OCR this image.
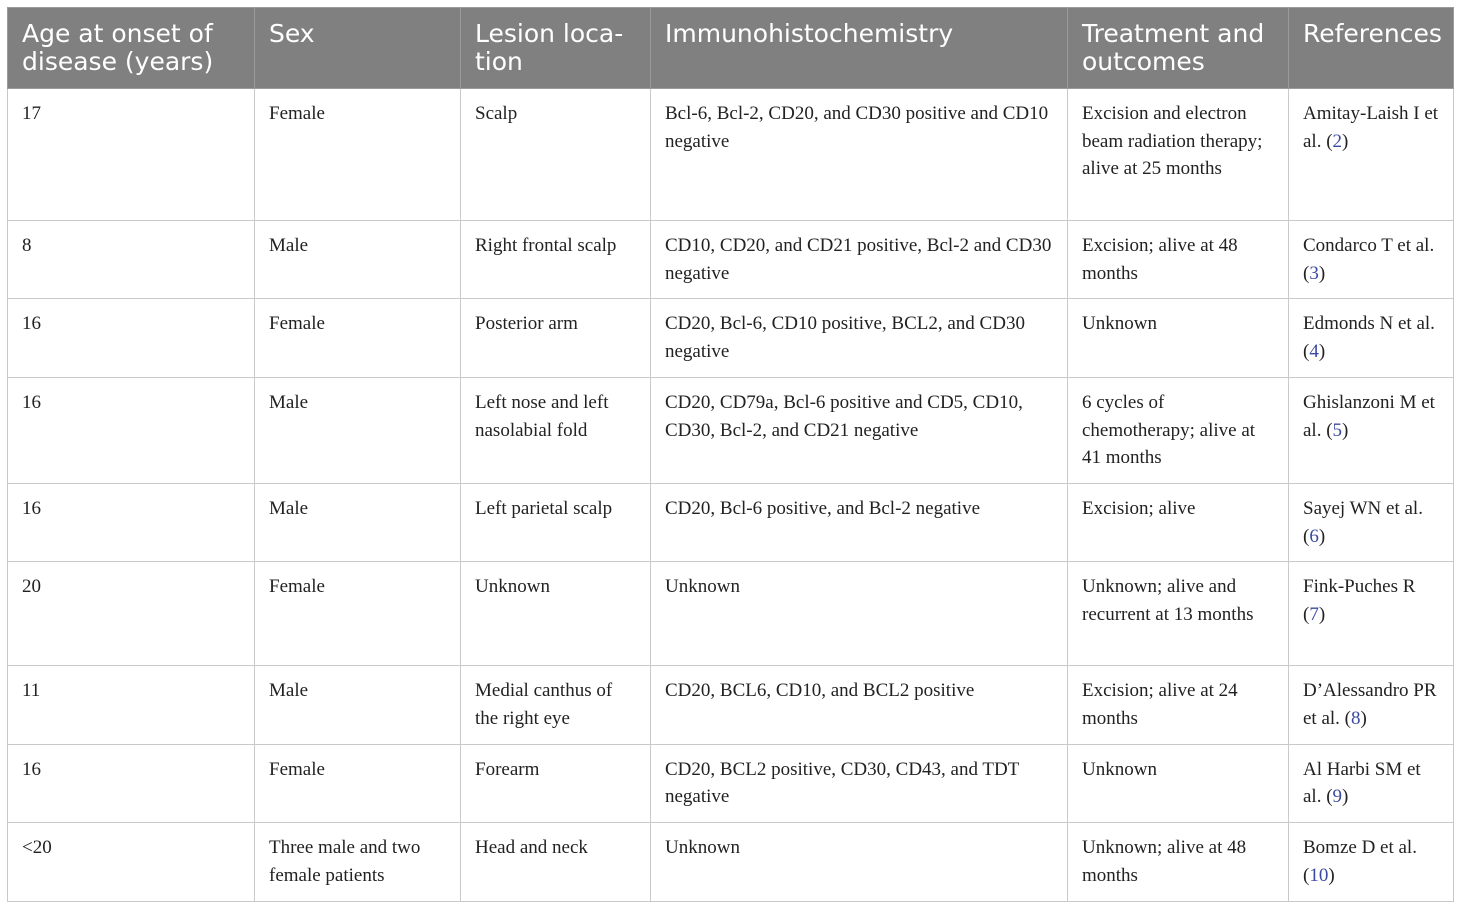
Age at onset of disease (years)	Sex	Lesion loca-tion	Immunohistochemistry	Treatment and outcomes	References
17	Female	Scalp	Bcl-6, Bcl-2, CD20, and CD30 positive and CD10 negative	Excision and electron beam radiation therapy; alive at 25 months	Amitay-Laish I et al. (2)
8	Male	Right frontal scalp	CD10, CD20, and CD21 positive, Bcl-2 and CD30 negative	Excision; alive at 48 months	Condarco T et al. (3)
16	Female	Posterior arm	CD20, Bcl-6, CD10 positive, BCL2, and CD30 negative	Unknown	Edmonds N et al. (4)
16	Male	Left nose and left nasolabial fold	CD20, CD79a, Bcl-6 positive and CD5, CD10, CD30, Bcl-2, and CD21 negative	6 cycles of chemotherapy; alive at 41 months	Ghislanzoni M et al. (5)
16	Male	Left parietal scalp	CD20, Bcl-6 positive, and Bcl-2 negative	Excision; alive	Sayej WN et al. (6)
20	Female	Unknown	Unknown	Unknown; alive and recurrent at 13 months	Fink-Puches R (7)
11	Male	Medial canthus of the right eye	CD20, BCL6, CD10, and BCL2 positive	Excision; alive at 24 months	D’Alessandro PR et al. (8)
16	Female	Forearm	CD20, BCL2 positive, CD30, CD43, and TDT negative	Unknown	Al Harbi SM et al. (9)
<20	Three male and two female patients	Head and neck	Unknown	Unknown; alive at 48 months	Bomze D et al. (10)
